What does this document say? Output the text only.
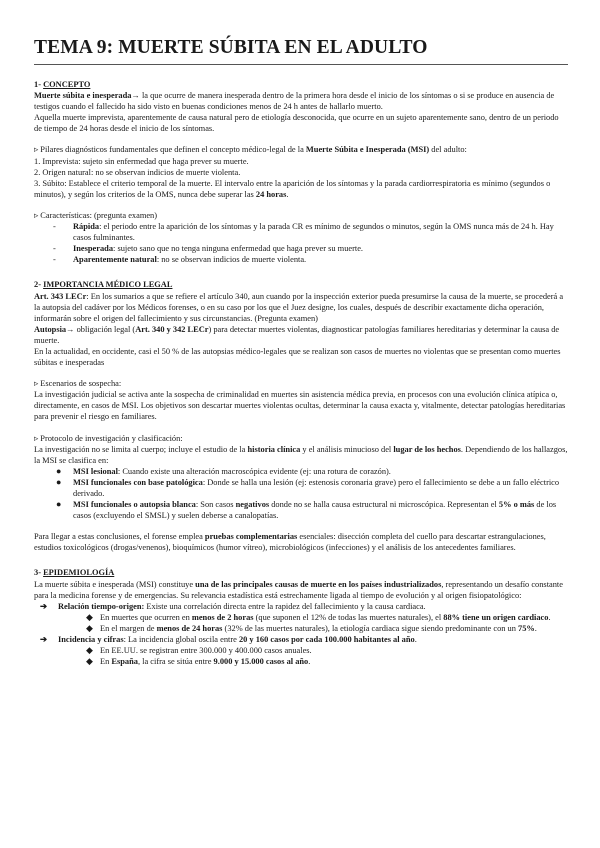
TEMA 9: MUERTE SÚBITA EN EL ADULTO

1- CONCEPTO

Muerte súbita e inesperada→ la que ocurre de manera inesperada dentro de la primera hora desde el inicio de los síntomas o si se produce en ausencia de testigos cuando el fallecido ha sido visto en buenas condiciones menos de 24 h antes de hallarlo muerto.

Aquella muerte imprevista, aparentemente de causa natural pero de etiología desconocida, que ocurre en un sujeto aparentemente sano, dentro de un periodo de tiempo de 24 horas desde el inicio de los síntomas.

▹ Pilares diagnósticos fundamentales que definen el concepto médico-legal de la Muerte Súbita e Inesperada (MSI) del adulto:

1. Imprevista: sujeto sin enfermedad que haga prever su muerte.

2. Origen natural: no se observan indicios de muerte violenta.

3. Súbito: Establece el criterio temporal de la muerte. El intervalo entre la aparición de los síntomas y la parada cardiorrespiratoria es mínimo (segundos o minutos), y según los criterios de la OMS, nunca debe superar las 24 horas.

▹ Características: (pregunta examen)

- Rápida: el periodo entre la aparición de los síntomas y la parada CR es mínimo de segundos o minutos, según la OMS nunca más de 24 h. Hay casos fulminantes.
- Inesperada: sujeto sano que no tenga ninguna enfermedad que haga prever su muerte.
- Aparentemente natural: no se observan indicios de muerte violenta.

2- IMPORTANCIA MÉDICO LEGAL

Art. 343 LECr: En los sumarios a que se refiere el artículo 340, aun cuando por la inspección exterior pueda presumirse la causa de la muerte, se procederá a la autopsia del cadáver por los Médicos forenses, o en su caso por los que el Juez designe, los cuales, después de describir exactamente dicha operación, informarán sobre el origen del fallecimiento y sus circunstancias. (Pregunta examen)

Autopsia→ obligación legal (Art. 340 y 342 LECr) para detectar muertes violentas, diagnosticar patologías familiares hereditarias y determinar la causa de muerte.

En la actualidad, en occidente, casi el 50 % de las autopsias médico-legales que se realizan son casos de muertes no violentas que se presentan como muertes súbitas e inesperadas

▹ Escenarios de sospecha:

La investigación judicial se activa ante la sospecha de criminalidad en muertes sin asistencia médica previa, en procesos con una evolución clínica atípica o, directamente, en casos de MSI. Los objetivos son descartar muertes violentas ocultas, determinar la causa exacta y, vitalmente, detectar patologías hereditarias para prevenir el riesgo en familiares.

▹ Protocolo de investigación y clasificación:

La investigación no se limita al cuerpo; incluye el estudio de la historia clínica y el análisis minucioso del lugar de los hechos. Dependiendo de los hallazgos, la MSI se clasifica en:

● MSI lesional: Cuando existe una alteración macroscópica evidente (ej: una rotura de corazón).
● MSI funcionales con base patológica: Donde se halla una lesión (ej: estenosis coronaria grave) pero el fallecimiento se debe a un fallo eléctrico derivado.
● MSI funcionales o autopsia blanca: Son casos negativos donde no se halla causa estructural ni microscópica. Representan el 5% o más de los casos (excluyendo el SMSL) y suelen deberse a canalopatías.

Para llegar a estas conclusiones, el forense emplea pruebas complementarias esenciales: disección completa del cuello para descartar estrangulaciones, estudios toxicológicos (drogas/venenos), bioquímicos (humor vítreo), microbiológicos (infecciones) y el análisis de los antecedentes familiares.

3- EPIDEMIOLOGÍA

La muerte súbita e inesperada (MSI) constituye una de las principales causas de muerte en los países industrializados, representando un desafío constante para la medicina forense y de emergencias. Su relevancia estadística está estrechamente ligada al tiempo de evolución y al origen fisiopatológico:

➔ Relación tiempo-origen: Existe una correlación directa entre la rapidez del fallecimiento y la causa cardiaca.
◆ En muertes que ocurren en menos de 2 horas (que suponen el 12% de todas las muertes naturales), el 88% tiene un origen cardiaco.
◆ En el margen de menos de 24 horas (32% de las muertes naturales), la etiología cardiaca sigue siendo predominante con un 75%.
➔ Incidencia y cifras: La incidencia global oscila entre 20 y 160 casos por cada 100.000 habitantes al año.
◆ En EE.UU. se registran entre 300.000 y 400.000 casos anuales.
◆ En España, la cifra se sitúa entre 9.000 y 15.000 casos al año.
